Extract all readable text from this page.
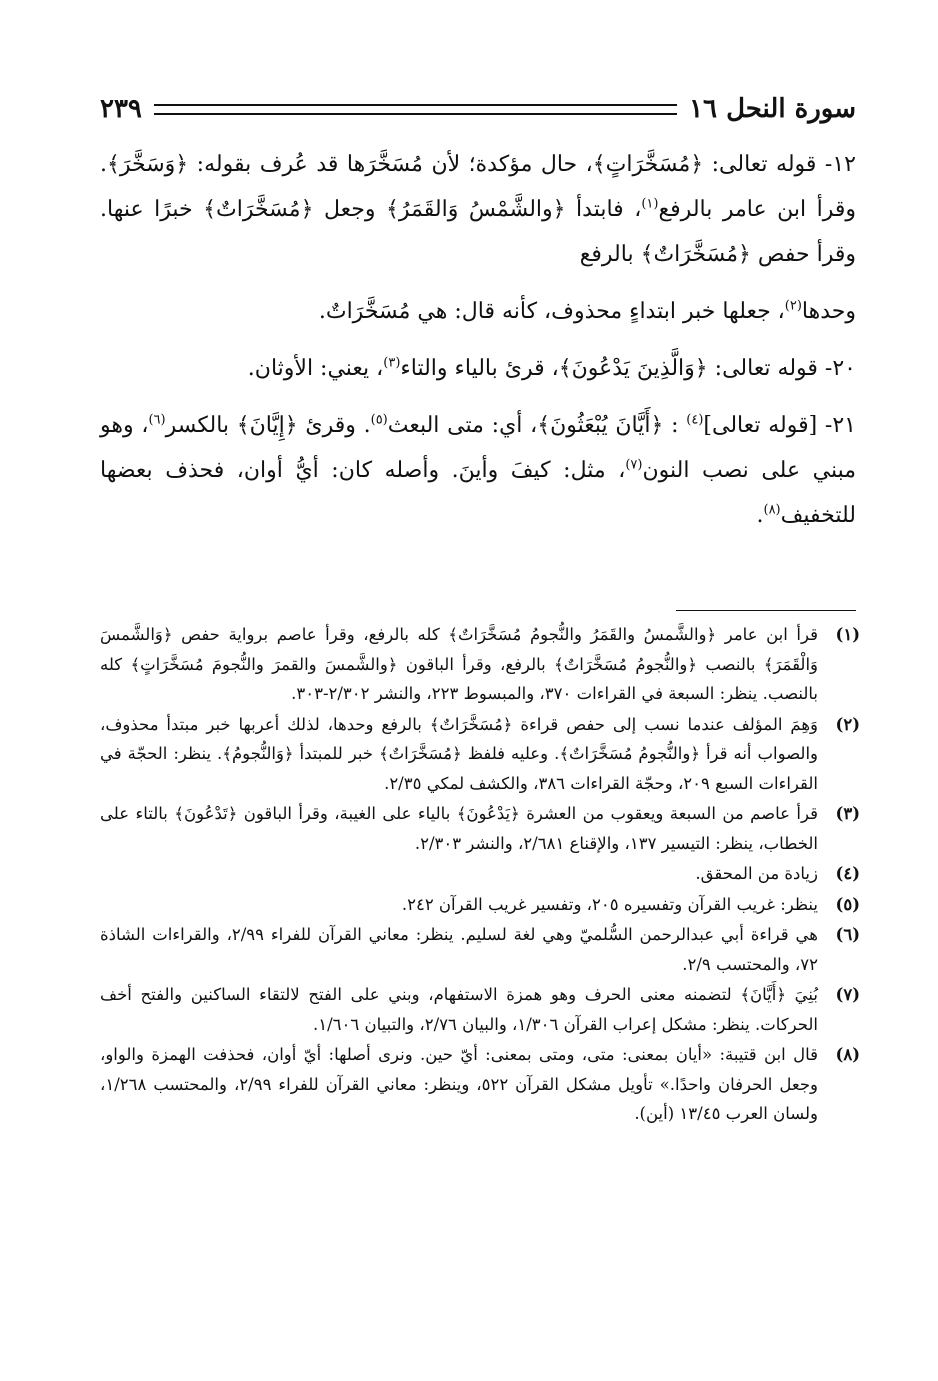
سورة النحل ١٦
٢٣٩

١٢- قوله تعالى: ﴿مُسَخَّرَاتٍ﴾، حال مؤكدة؛ لأن مُسَخَّرَها قد عُرف بقوله: ﴿وَسَخَّرَ﴾. وقرأ ابن عامر بالرفع$^{(١)}$، فابتدأ ﴿والشَّمْسُ وَالقَمَرُ﴾ وجعل ﴿مُسَخَّرَاتٌ﴾ خبرًا عنها. وقرأ حفص ﴿مُسَخَّرَاتٌ﴾ بالرفع

وحدها$^{(٢)}$، جعلها خبر ابتداءٍ محذوف، كأنه قال: هي مُسَخَّرَاتٌ.

٢٠- قوله تعالى: ﴿وَالَّذِينَ يَدْعُونَ﴾، قرئ بالياء والتاء$^{(٣)}$، يعني: الأوثان.

٢١- [قوله تعالى]$^{(٤)}$ : ﴿أَيَّانَ يُبْعَثُونَ﴾، أي: متى البعث$^{(٥)}$. وقرئ ﴿إِيَّانَ﴾ بالكسر$^{(٦)}$، وهو مبني على نصب النون$^{(٧)}$، مثل: كيفَ وأينَ. وأصله كان: أيُّ أوان، فحذف بعضها للتخفيف$^{(٨)}$.

(١)
قرأ ابن عامر ﴿والشَّمسُ والقَمَرُ والنُّجومُ مُسَخَّرَاتٌ﴾ كله بالرفع، وقرأ عاصم برواية حفص ﴿وَالشَّمسَ وَالْقَمَرَ﴾ بالنصب ﴿والنُّجومُ مُسَخَّرَاتٌ﴾ بالرفع، وقرأ الباقون ﴿والشَّمسَ والقمرَ والنُّجومَ مُسَخَّرَاتٍ﴾ كله بالنصب. ينظر: السبعة في القراءات ٣٧٠، والمبسوط ٢٢٣، والنشر ٢/٣٠٢-٣٠٣.
(٢)
وَهِمَ المؤلف عندما نسب إلى حفص قراءة ﴿مُسَخَّرَاتٌ﴾ بالرفع وحدها، لذلك أعربها خبر مبتدأ محذوف، والصواب أنه قرأ ﴿والنُّجومُ مُسَخَّرَاتٌ﴾. وعليه فلفظ ﴿مُسَخَّرَاتٌ﴾ خبر للمبتدأ ﴿وَالنُّجومُ﴾. ينظر: الحجّة في القراءات السبع ٢٠٩، وحجّة القراءات ٣٨٦، والكشف لمكي ٢/٣٥.
(٣)
قرأ عاصم من السبعة ويعقوب من العشرة ﴿يَدْعُونَ﴾ بالياء على الغيبة، وقرأ الباقون ﴿تَدْعُونَ﴾ بالتاء على الخطاب، ينظر: التيسير ١٣٧، والإقناع ٢/٦٨١، والنشر ٢/٣٠٣.
(٤)
زيادة من المحقق.
(٥)
ينظر: غريب القرآن وتفسيره ٢٠٥، وتفسير غريب القرآن ٢٤٢.
(٦)
هي قراءة أبي عبدالرحمن السُّلميّ وهي لغة لسليم. ينظر: معاني القرآن للفراء ٢/٩٩، والقراءات الشاذة ٧٢، والمحتسب ٢/٩.
(٧)
بُنِيَ ﴿أَيَّانَ﴾ لتضمنه معنى الحرف وهو همزة الاستفهام، وبني على الفتح لالتقاء الساكنين والفتح أخف الحركات. ينظر: مشكل إعراب القرآن ١/٣٠٦، والبيان ٢/٧٦، والتبيان ١/٦٠٦.
(٨)
قال ابن قتيبة: «أيان بمعنى: متى، ومتى بمعنى: أيّ حين. ونرى أصلها: أيّ أوان، فحذفت الهمزة والواو، وجعل الحرفان واحدًا.» تأويل مشكل القرآن ٥٢٢، وينظر: معاني القرآن للفراء ٢/٩٩، والمحتسب ١/٢٦٨، ولسان العرب ١٣/٤٥ (أين).
